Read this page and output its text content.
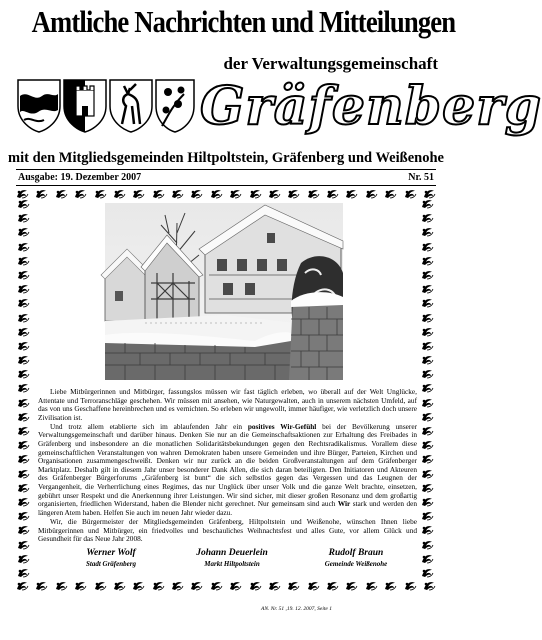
Amtliche Nachrichten und Mitteilungen
der Verwaltungsgemeinschaft
Gräfenberg
mit den Mitgliedsgemeinden Hiltpoltstein, Gräfenberg und Weißenohe
Ausgabe: 19. Dezember 2007	Nr. 51

Liebe Mitbürgerinnen und Mitbürger, fassungslos müssen wir fast täglich erleben, wo überall auf der Welt Unglücke, Attentate und Terroranschläge geschehen. Wir müssen mit ansehen, wie Naturgewalten, auch in unserem nächsten Umfeld, auf das von uns Geschaffene hereinbrechen und es vernichten. So erleben wir ungewollt, immer häufiger, wie verletzlich doch unsere Zivilisation ist.

Und trotz allem etablierte sich im ablaufenden Jahr ein positives Wir-Gefühl bei der Bevölkerung unserer Verwaltungsgemeinschaft und darüber hinaus. Denken Sie nur an die Gemeinschaftsaktionen zur Erhaltung des Freibades in Gräfenberg und insbesondere an die monatlichen Solidaritätsbekundungen gegen den Rechtsradikalismus. Vorallem diese gemeinschaftlichen Veranstaltungen von wahren Demokraten haben unsere Gemeinden und ihre Bürger, Parteien, Kirchen und Organisationen zusammengeschweißt. Denken wir nur zurück an die beiden Großveranstaltungen auf dem Gräfenberger Marktplatz. Deshalb gilt in diesem Jahr unser besonderer Dank Allen, die sich daran beteiligten. Den Initiatoren und Akteuren des Gräfenberger Bürgerforums „Gräfenberg ist bunt“ die sich selbstlos gegen das Vergessen und das Leugnen der Vergangenheit, die Verherrlichung eines Regimes, das nur Unglück über unser Volk und die ganze Welt brachte, einsetzen, gebührt unser Respekt und die Anerkennung ihrer Leistungen. Wir sind sicher, mit dieser großen Resonanz und dem großartig organisierten, friedlichen Widerstand, haben die Blender nicht gerechnet. Nur gemeinsam sind auch Wir stark und werden den längeren Atem haben. Helfen Sie auch im neuen Jahr wieder dazu.

Wir, die Bürgermeister der Mitgliedsgemeinden Gräfenberg, Hiltpoltstein und Weißenohe, wünschen Ihnen liebe Mitbürgerinnen und Mitbürger, ein friedvolles und beschauliches Weihnachtsfest und alles Gute, vor allem Glück und Gesundheit für das Neue Jahr 2008.

Werner Wolf
Stadt Gräfenberg
Johann Deuerlein
Markt Hiltpoltstein
Rudolf Braun
Gemeinde Weißenohe
AN. Nr. 51 ,19. 12. 2007, Seite 1
